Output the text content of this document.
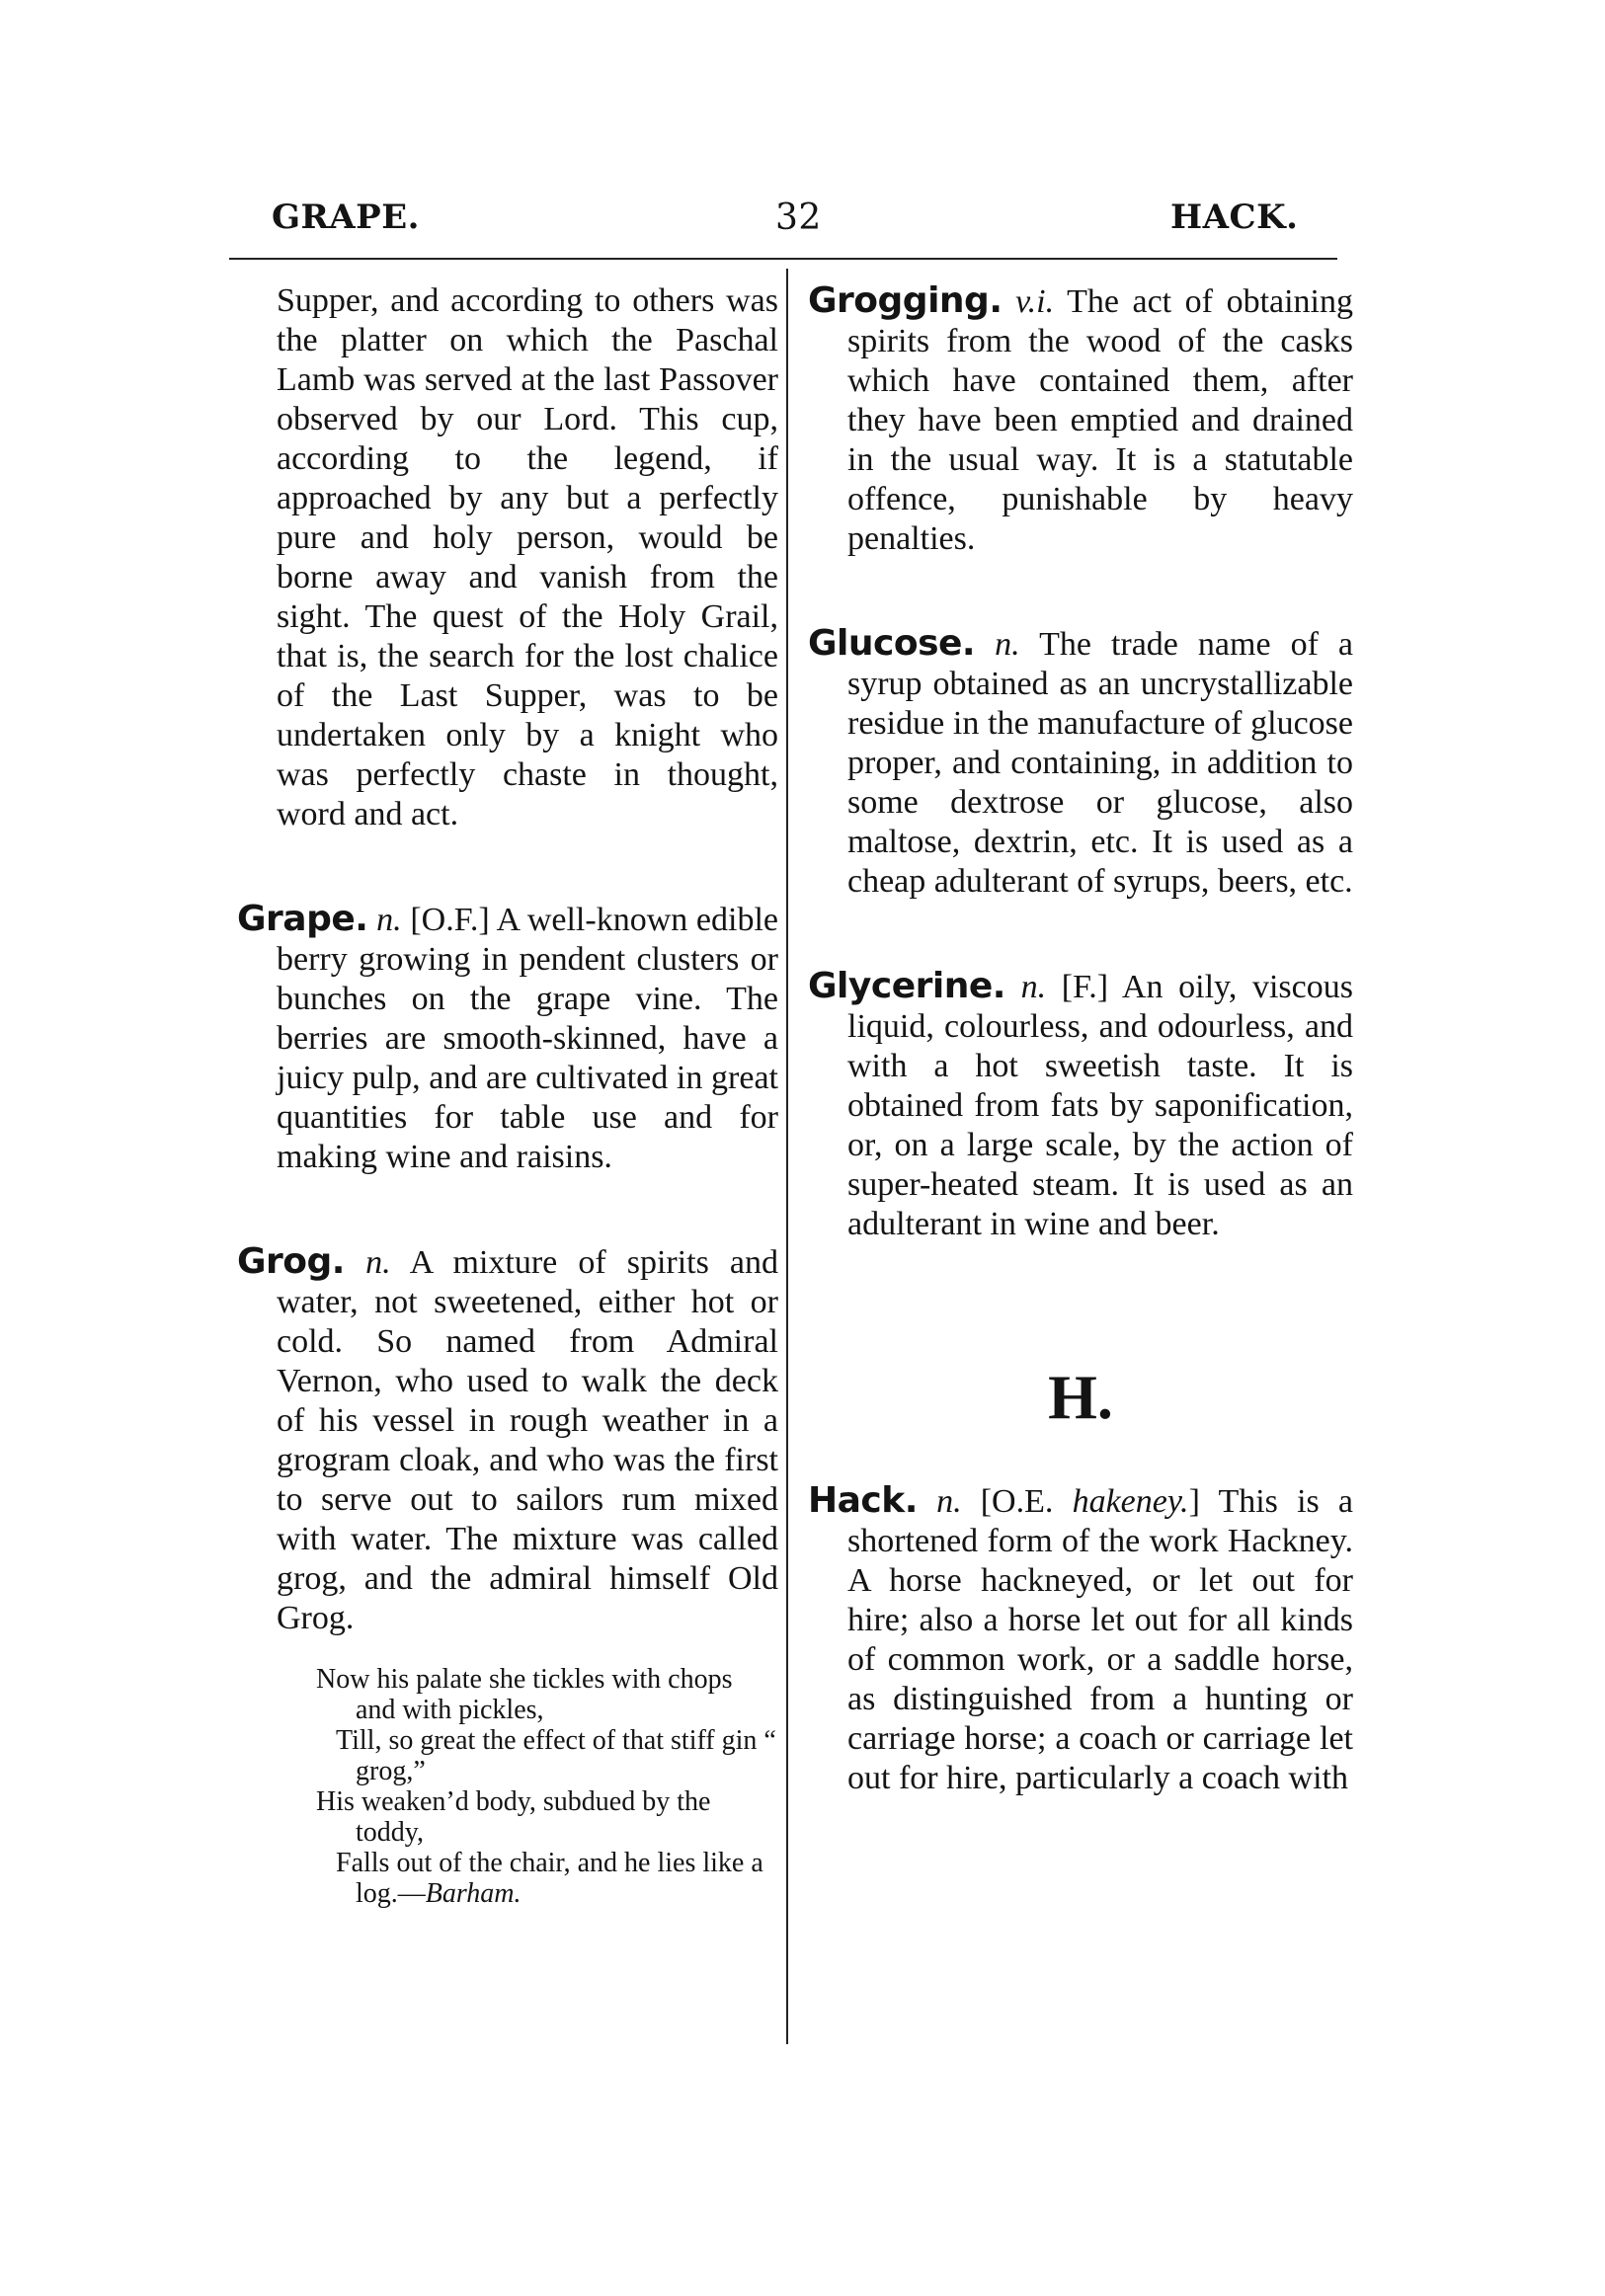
GRAPE.	32	HACK.

Supper, and according to others was the platter on which the Paschal Lamb was served at the last Passover observed by our Lord. This cup, according to the legend, if approached by any but a perfectly pure and holy person, would be borne away and vanish from the sight. The quest of the Holy Grail, that is, the search for the lost chalice of the Last Supper, was to be undertaken only by a knight who was perfectly chaste in thought, word and act.

Grape. n. [O.F.] A well-known edible berry growing in pendent clusters or bunches on the grape vine. The berries are smooth-skinned, have a juicy pulp, and are cultivated in great quantities for table use and for making wine and raisins.

Grog. n. A mixture of spirits and water, not sweetened, either hot or cold. So named from Admiral Vernon, who used to walk the deck of his vessel in rough weather in a grogram cloak, and who was the first to serve out to sailors rum mixed with water. The mixture was called grog, and the admiral himself Old Grog.

Now his palate she tickles with chops and with pickles,
Till, so great the effect of that stiff gin “ grog,”
His weaken’d body, subdued by the toddy,
Falls out of the chair, and he lies like a log.—Barham.

Grogging. v.i. The act of obtaining spirits from the wood of the casks which have contained them, after they have been emptied and drained in the usual way. It is a statutable offence, punishable by heavy penalties.

Glucose. n. The trade name of a syrup obtained as an uncrystallizable residue in the manufacture of glucose proper, and containing, in addition to some dextrose or glucose, also maltose, dextrin, etc. It is used as a cheap adulterant of syrups, beers, etc.

Glycerine. n. [F.] An oily, viscous liquid, colourless, and odourless, and with a hot sweetish taste. It is obtained from fats by saponification, or, on a large scale, by the action of super-heated steam. It is used as an adulterant in wine and beer.

H.

Hack. n. [O.E. hakeney.] This is a shortened form of the work Hackney. A horse hackneyed, or let out for hire; also a horse let out for all kinds of common work, or a saddle horse, as distinguished from a hunting or carriage horse; a coach or carriage let out for hire, particularly a coach with
